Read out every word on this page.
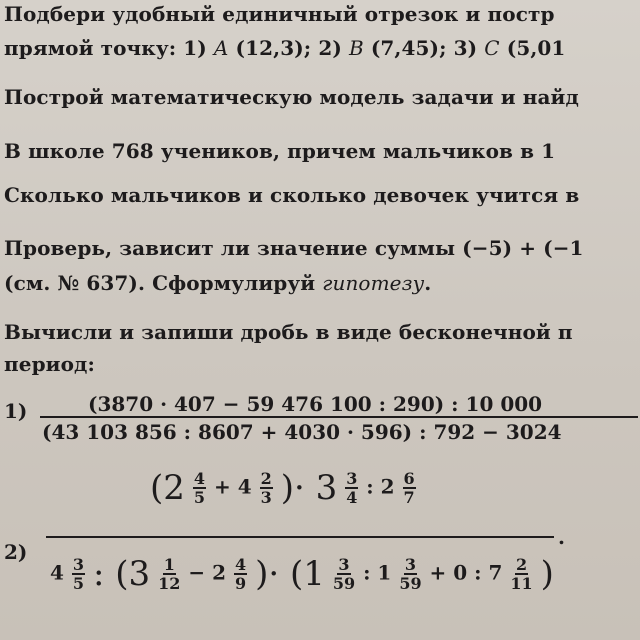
Подбери удобный единичный отрезок и постр
прямой точку: 1) A (12,3); 2) B (7,45); 3) C (5,01
Построй математическую модель задачи и найд
В школе 768 учеников, причем мальчиков в 1
Сколько мальчиков и сколько девочек учится в
Проверь, зависит ли значение суммы (−5) + (−1
(см. № 637). Сформулируй гипотезу.
Вычисли и запиши дробь в виде бесконечной п
период:
1)	(3870 · 407 − 59 476 100 : 290) : 10 000
(43 103 856 : 8607 + 4030 · 596) : 792 − 3024
($2 \frac{4}{5} + 4 \frac{2}{3}$ )· $3 \frac{3}{4}$ : $2 \frac{6}{7}$
2)
.
$4 \frac{3}{5}$ : ($3 \frac{1}{12} - 2 \frac{4}{9}$ )· ($1 \frac{3}{59}$ : $1 \frac{3}{59} + 0$ : $7 \frac{2}{11}$ )
